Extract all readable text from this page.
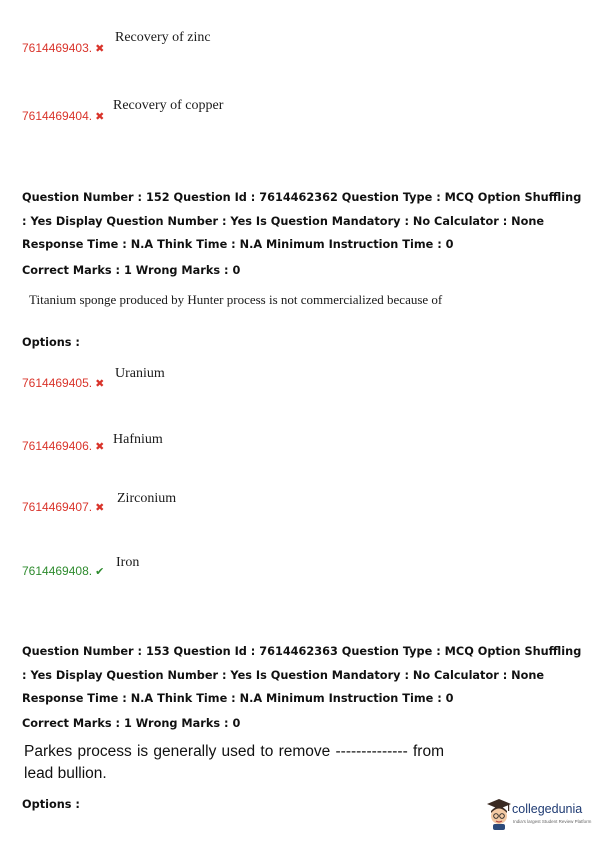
7614469403. ✖
Recovery of zinc
7614469404. ✖
Recovery of copper
Question Number : 152 Question Id : 7614462362 Question Type : MCQ Option Shuffling : Yes Display Question Number : Yes Is Question Mandatory : No Calculator : None Response Time : N.A Think Time : N.A Minimum Instruction Time : 0
Correct Marks : 1 Wrong Marks : 0
Titanium sponge produced by Hunter process is not commercialized because of
Options :
7614469405. ✖
Uranium
7614469406. ✖ Hafnium
7614469407. ✖
Zirconium
7614469408. ✔
Iron
Question Number : 153 Question Id : 7614462363 Question Type : MCQ Option Shuffling : Yes Display Question Number : Yes Is Question Mandatory : No Calculator : None Response Time : N.A Think Time : N.A Minimum Instruction Time : 0
Correct Marks : 1 Wrong Marks : 0
Parkes process is generally used to remove -------------- from lead bullion.
Options :	collegedunia
India's largest Student Review Platform
